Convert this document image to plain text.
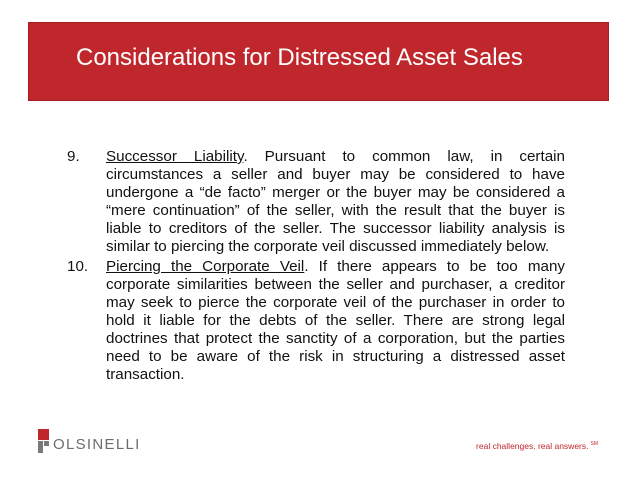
Considerations for Distressed Asset Sales
9.	Successor Liability. Pursuant to common law, in certain circumstances a seller and buyer may be considered to have undergone a “de facto” merger or the buyer may be considered a “mere continuation” of the seller, with the result that the buyer is liable to creditors of the seller. The successor liability analysis is similar to piercing the corporate veil discussed immediately below.
10.	Piercing the Corporate Veil. If there appears to be too many corporate similarities between the seller and purchaser, a creditor may seek to pierce the corporate veil of the purchaser in order to hold it liable for the debts of the seller. There are strong legal doctrines that protect the sanctity of a corporation, but the parties need to be aware of the risk in structuring a distressed asset transaction.
OLSINELLI	real challenges. real answers. ℠
